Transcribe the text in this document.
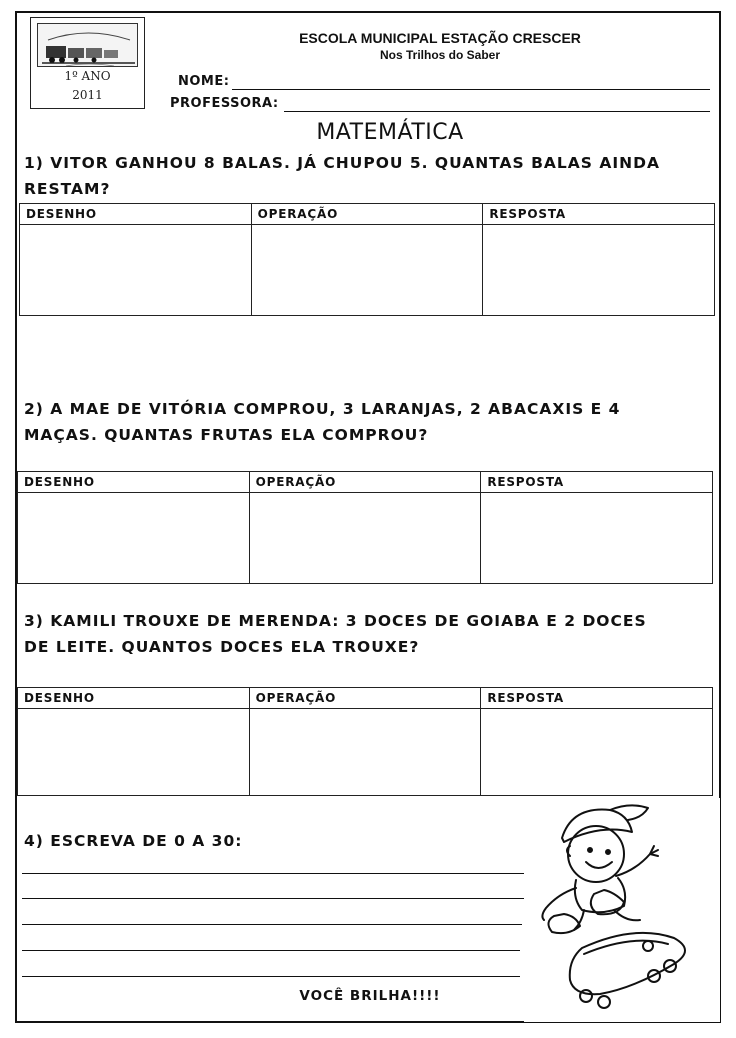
1º ANO
2011
ESCOLA MUNICIPAL ESTAÇÃO CRESCER
Nos Trilhos do Saber
NOME:
PROFESSORA:
MATEMÁTICA
1) VITOR GANHOU 8 BALAS. JÁ CHUPOU 5. QUANTAS BALAS AINDA
RESTAM?
DESENHO	OPERAÇÃO	RESPOSTA

2) A MAE DE VITÓRIA COMPROU, 3 LARANJAS, 2 ABACAXIS E 4
MAÇAS. QUANTAS FRUTAS ELA COMPROU?
DESENHO	OPERAÇÃO	RESPOSTA

3) KAMILI TROUXE DE MERENDA: 3 DOCES DE GOIABA E 2 DOCES
DE LEITE. QUANTOS DOCES ELA TROUXE?
DESENHO	OPERAÇÃO	RESPOSTA

4) ESCREVA DE 0 A 30:
VOCÊ BRILHA!!!!
